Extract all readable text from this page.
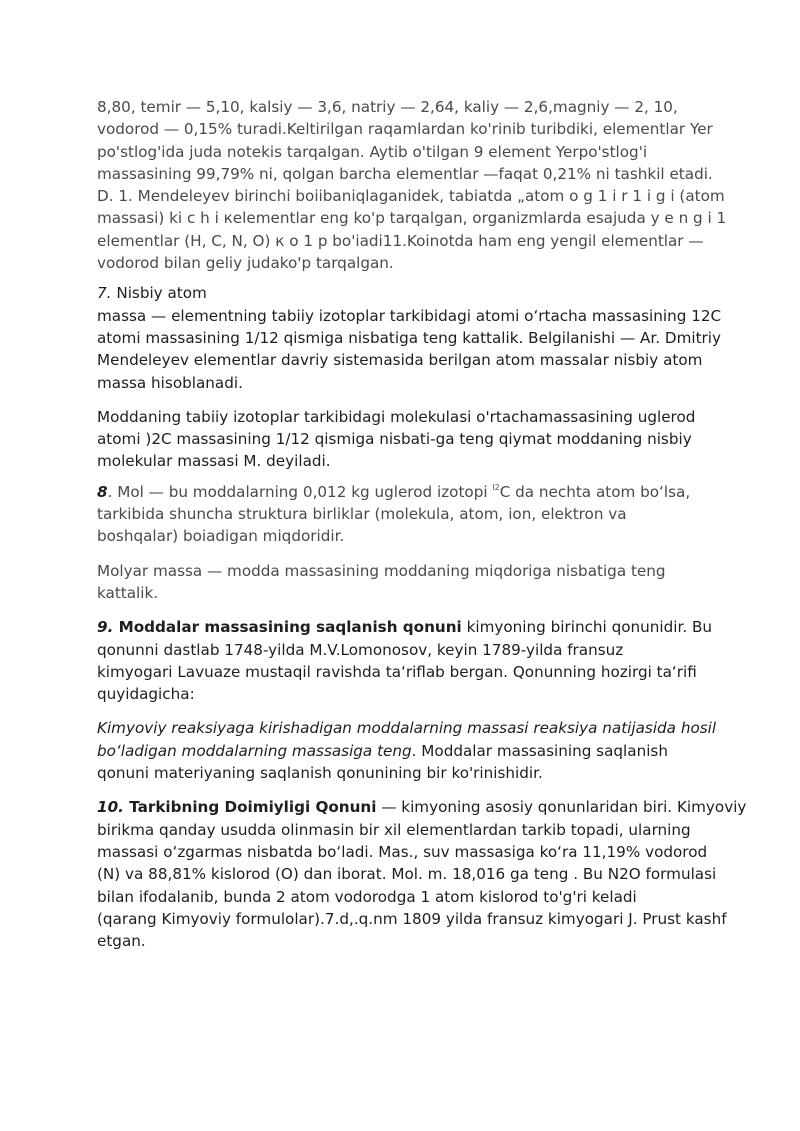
8,80, temir — 5,10, kalsiy — 3,6, natriy — 2,64, kaliy — 2,6,magniy — 2, 10,
vodorod — 0,15% turadi.Keltirilgan raqamlardan ko'rinib turibdiki, elementlar Yer
po'stlog'ida juda notekis tarqalgan. Aytib o'tilgan 9 element Yerpo'stlog'i
massasining 99,79% ni, qolgan barcha elementlar —faqat 0,21% ni tashkil etadi.
D. 1. Mendeleyev birinchi boiibaniqlaganidek, tabiatda „atom o g 1 i r 1 i g i (atom
massasi) ki c h i кelementlar eng ko'p tarqalgan, organizmlarda esajuda y e n g i 1
elementlar (H, C, N, O) к o 1 p bo'iadi11.Koinotda ham eng yengil elementlar —
vodorod bilan geliy judako'p tarqalgan.
7. Nisbiy atom
massa — elementning tabiiy izotoplar tarkibidagi atomi oʻrtacha massasining 12C
atomi massasining 1/12 qismiga nisbatiga teng kattalik. Belgilanishi — Ar. Dmitriy
Mendeleyev elementlar davriy sistemasida berilgan atom massalar nisbiy atom
massa hisoblanadi.
Moddaning tabiiy izotoplar tarkibidagi molekulasi o'rtachamassasining uglerod
atomi )2C massasining 1/12 qismiga nisbati-ga teng qiymat moddaning nisbiy
molekular massasi M. deyiladi.
8. Mol — bu moddalarning 0,012 kg uglerod izotopi $^{l2}$C da nechta atom boʻlsa,
tarkibida shuncha struktura birliklar (molekula, atom, ion, elektron va
boshqalar) boiadigan miqdoridir.
Molyar massa — modda massasining moddaning miqdoriga nisbatiga teng
kattalik.
9. Moddalar massasining saqlanish qonuni kimyoning birinchi qonunidir. Bu
qonunni dastlab 1748-yilda M.V.Lomonosov, keyin 1789-yilda fransuz
kimyogari Lavuaze mustaqil ravishda taʻriflab bergan. Qonunning hozirgi taʻrifi
quyidagicha:
Kimyoviy reaksiyaga kirishadigan moddalarning massasi reaksiya natijasida hosil
boʻladigan moddalarning massasiga teng. Moddalar massasining saqlanish
qonuni materiyaning saqlanish qonunining bir ko'rinishidir.
10. Tarkibning Doimiyligi Qonuni — kimyoning asosiy qonunlaridan biri. Kimyoviy
birikma qanday usudda olinmasin bir xil elementlardan tarkib topadi, ularning
massasi oʻzgarmas nisbatda boʻladi. Mas., suv massasiga koʻra 11,19% vodorod
(N) va 88,81% kislorod (O) dan iborat. Mol. m. 18,016 ga teng . Bu N2O formulasi
bilan ifodalanib, bunda 2 atom vodorodga 1 atom kislorod to'g'ri keladi
(qarang Kimyoviy formulolar).7.d,.q.nm 1809 yilda fransuz kimyogari J. Prust kashf
etgan.
